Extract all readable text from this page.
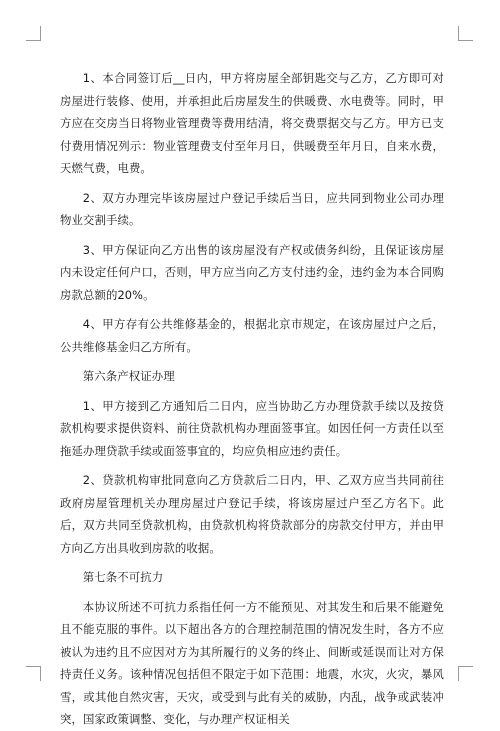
1、本合同签订后__日内，甲方将房屋全部钥匙交与乙方，乙方即可对房屋进行装修、使用，并承担此后房屋发生的供暖费、水电费等。同时，甲方应在交房当日将物业管理费等费用结清，将交费票据交与乙方。甲方已支付费用情况列示：物业管理费支付至年月日，供暖费至年月日，自来水费，天燃气费，电费。

2、双方办理完毕该房屋过户登记手续后当日，应共同到物业公司办理物业交割手续。

3、甲方保证向乙方出售的该房屋没有产权或债务纠纷，且保证该房屋内未设定任何户口，否则，甲方应当向乙方支付违约金，违约金为本合同购房款总额的20%。

4、甲方存有公共维修基金的，根据北京市规定，在该房屋过户之后，公共维修基金归乙方所有。

第六条产权证办理

1、甲方接到乙方通知后二日内，应当协助乙方办理贷款手续以及按贷款机构要求提供资料、前往贷款机构办理面签事宜。如因任何一方责任以至拖延办理贷款手续或面签事宜的，均应负相应违约责任。

2、贷款机构审批同意向乙方贷款后二日内，甲、乙双方应当共同前往政府房屋管理机关办理房屋过户登记手续，将该房屋过户至乙方名下。此后，双方共同至贷款机构，由贷款机构将贷款部分的房款交付甲方，并由甲方向乙方出具收到房款的收据。

第七条不可抗力

本协议所述不可抗力系指任何一方不能预见、对其发生和后果不能避免且不能克服的事件。以下超出各方的合理控制范围的情况发生时，各方不应被认为违约且不应因对方为其所履行的义务的终止、间断或延误而让对方保持责任义务。该种情况包括但不限定于如下范围：地震，水灾，火灾，暴风雪，或其他自然灾害，天灾，或受到与此有关的威胁，内乱，战争或武装冲突，国家政策调整、变化，与办理产权证相关
